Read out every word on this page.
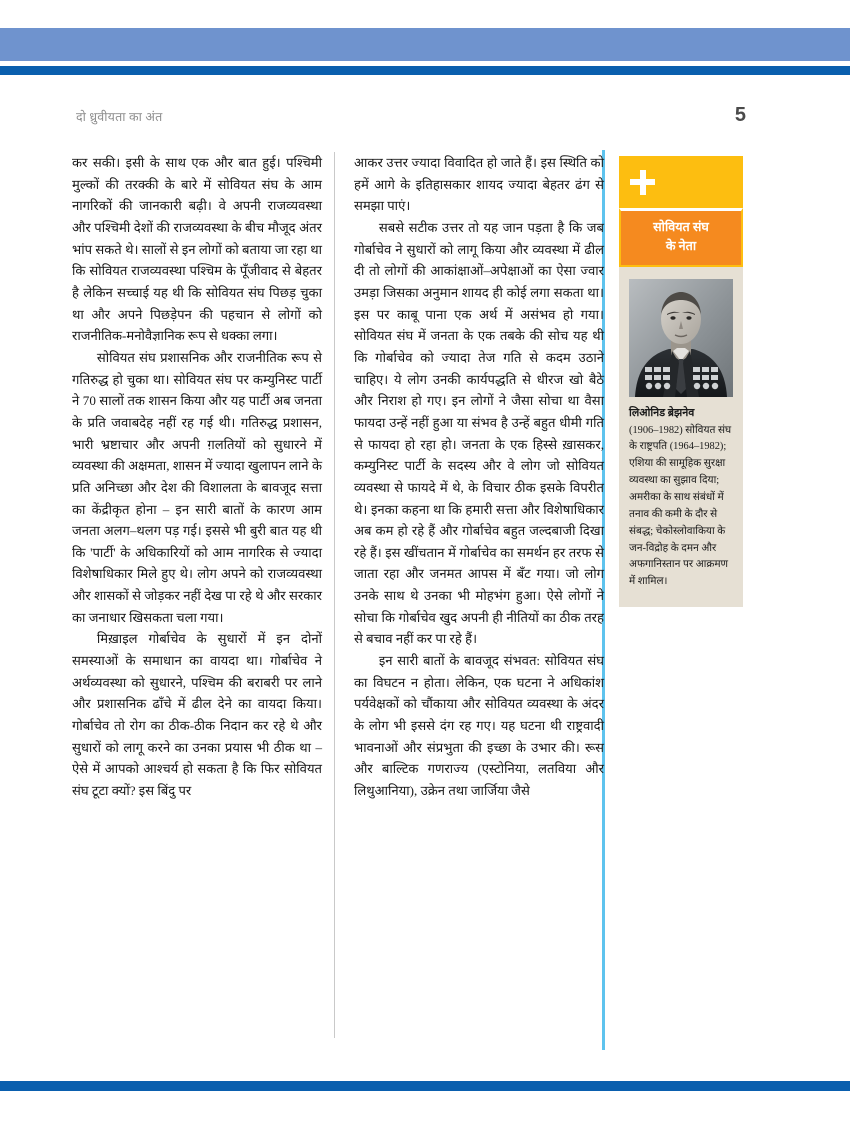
दो ध्रुवीयता का अंत	5

कर सकी। इसी के साथ एक और बात हुई। पश्चिमी मुल्कों की तरक्की के बारे में सोवियत संघ के आम नागरिकों की जानकारी बढ़ी। वे अपनी राजव्यवस्था और पश्चिमी देशों की राजव्यवस्था के बीच मौजूद अंतर भांप सकते थे। सालों से इन लोगों को बताया जा रहा था कि सोवियत राजव्यवस्था पश्चिम के पूँजीवाद से बेहतर है लेकिन सच्चाई यह थी कि सोवियत संघ पिछड़ चुका था और अपने पिछड़ेपन की पहचान से लोगों को राजनीतिक-मनोवैज्ञानिक रूप से धक्का लगा।

सोवियत संघ प्रशासनिक और राजनीतिक रूप से गतिरुद्ध हो चुका था। सोवियत संघ पर कम्युनिस्ट पार्टी ने 70 सालों तक शासन किया और यह पार्टी अब जनता के प्रति जवाबदेह नहीं रह गई थी। गतिरुद्ध प्रशासन, भारी भ्रष्टाचार और अपनी ग़लतियों को सुधारने में व्यवस्था की अक्षमता, शासन में ज्यादा खुलापन लाने के प्रति अनिच्छा और देश की विशालता के बावजूद सत्ता का केंद्रीकृत होना – इन सारी बातों के कारण आम जनता अलग–थलग पड़ गई। इससे भी बुरी बात यह थी कि 'पार्टी' के अधिकारियों को आम नागरिक से ज्यादा विशेषाधिकार मिले हुए थे। लोग अपने को राजव्यवस्था और शासकों से जोड़कर नहीं देख पा रहे थे और सरकार का जनाधार खिसकता चला गया।

मिख़ाइल गोर्बाचेव के सुधारों में इन दोनों समस्याओं के समाधान का वायदा था। गोर्बाचेव ने अर्थव्यवस्था को सुधारने, पश्चिम की बराबरी पर लाने और प्रशासनिक ढाँचे में ढील देने का वायदा किया। गोर्बाचेव तो रोग का ठीक-ठीक निदान कर रहे थे और सुधारों को लागू करने का उनका प्रयास भी ठीक था – ऐसे में आपको आश्चर्य हो सकता है कि फिर सोवियत संघ टूटा क्यों? इस बिंदु पर

आकर उत्तर ज्यादा विवादित हो जाते हैं। इस स्थिति को हमें आगे के इतिहासकार शायद ज्यादा बेहतर ढंग से समझा पाएं।

सबसे सटीक उत्तर तो यह जान पड़ता है कि जब गोर्बाचेव ने सुधारों को लागू किया और व्यवस्था में ढील दी तो लोगों की आकांक्षाओं–अपेक्षाओं का ऐसा ज्वार उमड़ा जिसका अनुमान शायद ही कोई लगा सकता था। इस पर काबू पाना एक अर्थ में असंभव हो गया। सोवियत संघ में जनता के एक तबके की सोच यह थी कि गोर्बाचेव को ज्यादा तेज गति से कदम उठाने चाहिए। ये लोग उनकी कार्यपद्धति से धीरज खो बैठे और निराश हो गए। इन लोगों ने जैसा सोचा था वैसा फायदा उन्हें नहीं हुआ या संभव है उन्हें बहुत धीमी गति से फायदा हो रहा हो। जनता के एक हिस्से ख़ासकर, कम्युनिस्ट पार्टी के सदस्य और वे लोग जो सोवियत व्यवस्था से फायदे में थे, के विचार ठीक इसके विपरीत थे। इनका कहना था कि हमारी सत्ता और विशेषाधिकार अब कम हो रहे हैं और गोर्बाचेव बहुत जल्दबाजी दिखा रहे हैं। इस खींचतान में गोर्बाचेव का समर्थन हर तरफ से जाता रहा और जनमत आपस में बँट गया। जो लोग उनके साथ थे उनका भी मोहभंग हुआ। ऐसे लोगों ने सोचा कि गोर्बाचेव खुद अपनी ही नीतियों का ठीक तरह से बचाव नहीं कर पा रहे हैं।

इन सारी बातों के बावजूद संभवत: सोवियत संघ का विघटन न होता। लेकिन, एक घटना ने अधिकांश पर्यवेक्षकों को चौंकाया और सोवियत व्यवस्था के अंदर के लोग भी इससे दंग रह गए। यह घटना थी राष्ट्रवादी भावनाओं और संप्रभुता की इच्छा के उभार की। रूस और बाल्टिक गणराज्य (एस्टोनिया, लतविया और लिथुआनिया), उक्रेन तथा जार्जिया जैसे

सोवियत संघ
के नेता
लिओनिड ब्रेझनेव
(1906–1982) सोवियत संघ के राष्ट्रपति (1964–1982); एशिया की सामूहिक सुरक्षा व्यवस्था का सुझाव दिया; अमरीका के साथ संबंधों में तनाव की कमी के दौर से संबद्ध; चेकोस्लोवाकिया के जन-विद्रोह के दमन और अफगानिस्तान पर आक्रमण में शामिल।
